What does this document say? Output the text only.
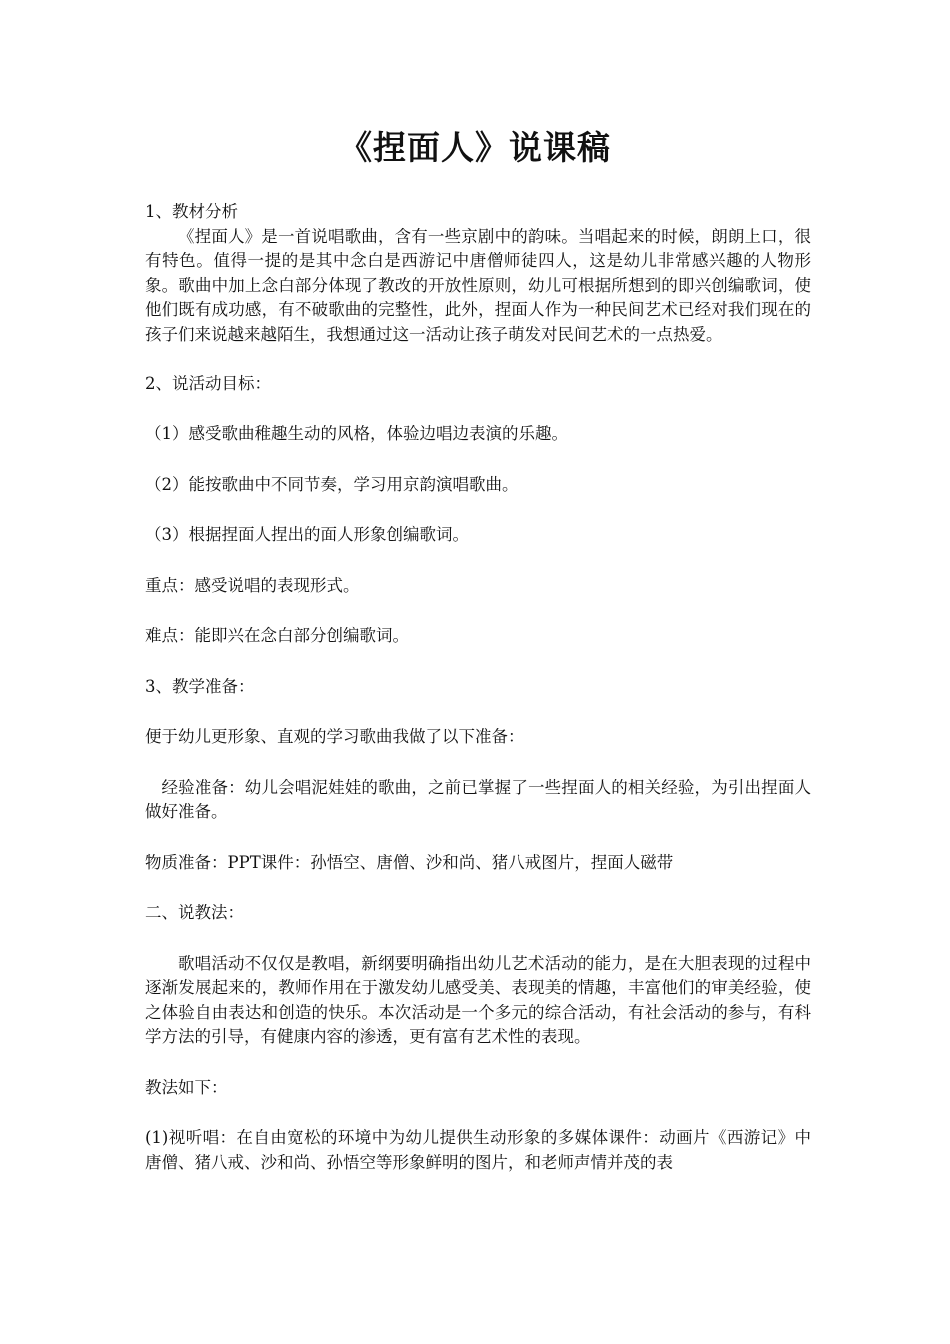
《捏面人》说课稿

1、教材分析

《捏面人》是一首说唱歌曲，含有一些京剧中的韵味。当唱起来的时候，朗朗上口，很有特色。值得一提的是其中念白是西游记中唐僧师徒四人，这是幼儿非常感兴趣的人物形象。歌曲中加上念白部分体现了教改的开放性原则，幼儿可根据所想到的即兴创编歌词，使他们既有成功感，有不破歌曲的完整性，此外，捏面人作为一种民间艺术已经对我们现在的孩子们来说越来越陌生，我想通过这一活动让孩子萌发对民间艺术的一点热爱。

2、说活动目标：

（1）感受歌曲稚趣生动的风格，体验边唱边表演的乐趣。

（2）能按歌曲中不同节奏，学习用京韵演唱歌曲。

（3）根据捏面人捏出的面人形象创编歌词。

重点：感受说唱的表现形式。

难点：能即兴在念白部分创编歌词。

3、教学准备：

便于幼儿更形象、直观的学习歌曲我做了以下准备：

经验准备：幼儿会唱泥娃娃的歌曲，之前已掌握了一些捏面人的相关经验，为引出捏面人做好准备。

物质准备：PPT课件：孙悟空、唐僧、沙和尚、猪八戒图片，捏面人磁带

二、说教法：

歌唱活动不仅仅是教唱，新纲要明确指出幼儿艺术活动的能力，是在大胆表现的过程中逐渐发展起来的，教师作用在于激发幼儿感受美、表现美的情趣，丰富他们的审美经验，使之体验自由表达和创造的快乐。本次活动是一个多元的综合活动，有社会活动的参与，有科学方法的引导，有健康内容的渗透，更有富有艺术性的表现。

教法如下：

(1)视听唱：在自由宽松的环境中为幼儿提供生动形象的多媒体课件：动画片《西游记》中唐僧、猪八戒、沙和尚、孙悟空等形象鲜明的图片，和老师声情并茂的表
